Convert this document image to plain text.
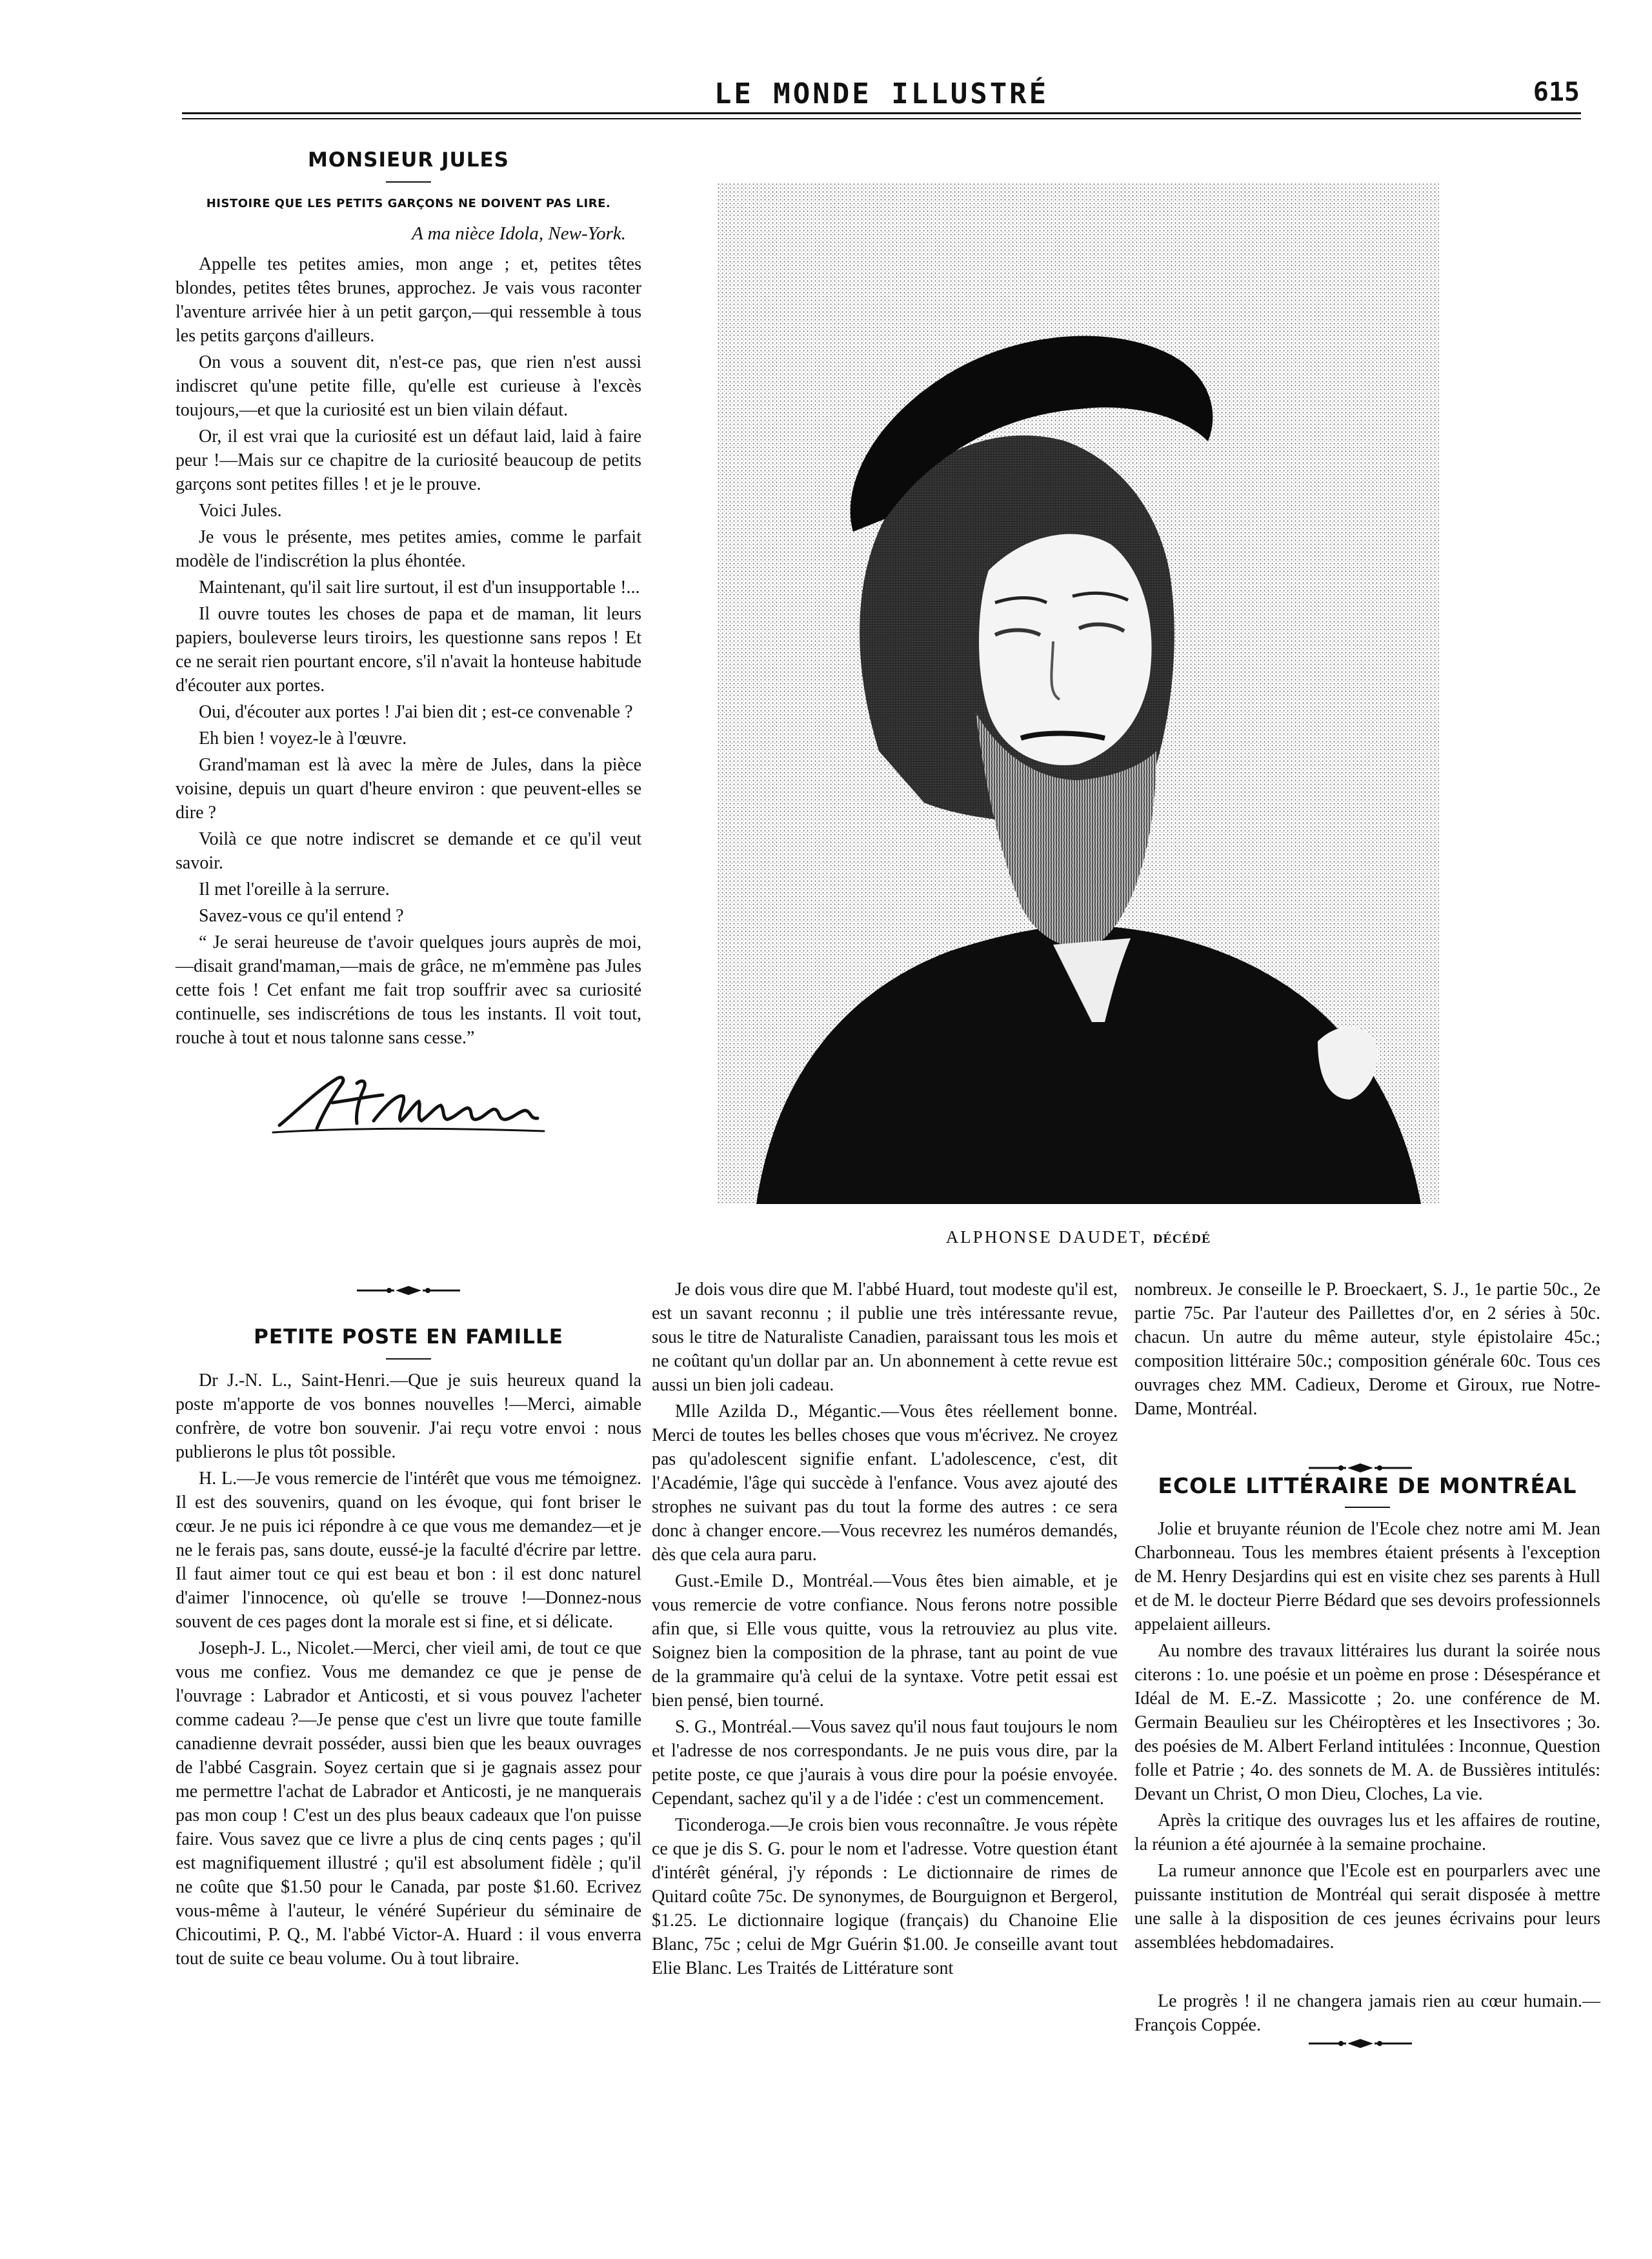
LE MONDE ILLUSTRÉ	615
MONSIEUR JULES
HISTOIRE QUE LES PETITS GARÇONS NE DOIVENT PAS LIRE.
A ma nièce Idola, New-York.

Appelle tes petites amies, mon ange ; et, petites têtes blondes, petites têtes brunes, approchez. Je vais vous raconter l'aventure arrivée hier à un petit garçon,—qui ressemble à tous les petits garçons d'ailleurs.

On vous a souvent dit, n'est-ce pas, que rien n'est aussi indiscret qu'une petite fille, qu'elle est curieuse à l'excès toujours,—et que la curiosité est un bien vilain défaut.

Or, il est vrai que la curiosité est un défaut laid, laid à faire peur !—Mais sur ce chapitre de la curiosité beaucoup de petits garçons sont petites filles ! et je le prouve.

Voici Jules.

Je vous le présente, mes petites amies, comme le parfait modèle de l'indiscrétion la plus éhontée.

Maintenant, qu'il sait lire surtout, il est d'un insupportable !...

Il ouvre toutes les choses de papa et de maman, lit leurs papiers, bouleverse leurs tiroirs, les questionne sans repos ! Et ce ne serait rien pourtant encore, s'il n'avait la honteuse habitude d'écouter aux portes.

Oui, d'écouter aux portes ! J'ai bien dit ; est-ce convenable ?

Eh bien ! voyez-le à l'œuvre.

Grand'maman est là avec la mère de Jules, dans la pièce voisine, depuis un quart d'heure environ : que peuvent-elles se dire ?

Voilà ce que notre indiscret se demande et ce qu'il veut savoir.

Il met l'oreille à la serrure.

Savez-vous ce qu'il entend ?

“ Je serai heureuse de t'avoir quelques jours auprès de moi,—disait grand'maman,—mais de grâce, ne m'emmène pas Jules cette fois ! Cet enfant me fait trop souffrir avec sa curiosité continuelle, ses indiscrétions de tous les instants. Il voit tout, rouche à tout et nous talonne sans cesse.”

PETITE POSTE EN FAMILLE

Dr J.-N. L., Saint-Henri.—Que je suis heureux quand la poste m'apporte de vos bonnes nouvelles !—Merci, aimable confrère, de votre bon souvenir. J'ai reçu votre envoi : nous publierons le plus tôt possible.

H. L.—Je vous remercie de l'intérêt que vous me témoignez. Il est des souvenirs, quand on les évoque, qui font briser le cœur. Je ne puis ici répondre à ce que vous me demandez—et je ne le ferais pas, sans doute, eussé-je la faculté d'écrire par lettre. Il faut aimer tout ce qui est beau et bon : il est donc naturel d'aimer l'innocence, où qu'elle se trouve !—Donnez-nous souvent de ces pages dont la morale est si fine, et si délicate.

Joseph-J. L., Nicolet.—Merci, cher vieil ami, de tout ce que vous me confiez. Vous me demandez ce que je pense de l'ouvrage : Labrador et Anticosti, et si vous pouvez l'acheter comme cadeau ?—Je pense que c'est un livre que toute famille canadienne devrait posséder, aussi bien que les beaux ouvrages de l'abbé Casgrain. Soyez certain que si je gagnais assez pour me permettre l'achat de Labrador et Anticosti, je ne manquerais pas mon coup ! C'est un des plus beaux cadeaux que l'on puisse faire. Vous savez que ce livre a plus de cinq cents pages ; qu'il est magnifiquement illustré ; qu'il est absolument fidèle ; qu'il ne coûte que $1.50 pour le Canada, par poste $1.60. Ecrivez vous-même à l'auteur, le vénéré Supérieur du séminaire de Chicoutimi, P. Q., M. l'abbé Victor-A. Huard : il vous enverra tout de suite ce beau volume. Ou à tout libraire.

ALPHONSE DAUDET, DÉCÉDÉ

Je dois vous dire que M. l'abbé Huard, tout modeste qu'il est, est un savant reconnu ; il publie une très intéressante revue, sous le titre de Naturaliste Canadien, paraissant tous les mois et ne coûtant qu'un dollar par an. Un abonnement à cette revue est aussi un bien joli cadeau.

Mlle Azilda D., Mégantic.—Vous êtes réellement bonne. Merci de toutes les belles choses que vous m'écrivez. Ne croyez pas qu'adolescent signifie enfant. L'adolescence, c'est, dit l'Académie, l'âge qui succède à l'enfance. Vous avez ajouté des strophes ne suivant pas du tout la forme des autres : ce sera donc à changer encore.—Vous recevrez les numéros demandés, dès que cela aura paru.

Gust.-Emile D., Montréal.—Vous êtes bien aimable, et je vous remercie de votre confiance. Nous ferons notre possible afin que, si Elle vous quitte, vous la retrouviez au plus vite. Soignez bien la composition de la phrase, tant au point de vue de la grammaire qu'à celui de la syntaxe. Votre petit essai est bien pensé, bien tourné.

S. G., Montréal.—Vous savez qu'il nous faut toujours le nom et l'adresse de nos correspondants. Je ne puis vous dire, par la petite poste, ce que j'aurais à vous dire pour la poésie envoyée. Cependant, sachez qu'il y a de l'idée : c'est un commencement.

Ticonderoga.—Je crois bien vous reconnaître. Je vous répète ce que je dis S. G. pour le nom et l'adresse. Votre question étant d'intérêt général, j'y réponds : Le dictionnaire de rimes de Quitard coûte 75c. De synonymes, de Bourguignon et Bergerol, $1.25. Le dictionnaire logique (français) du Chanoine Elie Blanc, 75c ; celui de Mgr Guérin $1.00. Je conseille avant tout Elie Blanc. Les Traités de Littérature sont

nombreux. Je conseille le P. Broeckaert, S. J., 1e partie 50c., 2e partie 75c. Par l'auteur des Paillettes d'or, en 2 séries à 50c. chacun. Un autre du même auteur, style épistolaire 45c.; composition littéraire 50c.; composition générale 60c. Tous ces ouvrages chez MM. Cadieux, Derome et Giroux, rue Notre-Dame, Montréal.

ECOLE LITTÉRAIRE DE MONTRÉAL

Jolie et bruyante réunion de l'Ecole chez notre ami M. Jean Charbonneau. Tous les membres étaient présents à l'exception de M. Henry Desjardins qui est en visite chez ses parents à Hull et de M. le docteur Pierre Bédard que ses devoirs professionnels appelaient ailleurs.

Au nombre des travaux littéraires lus durant la soirée nous citerons : 1o. une poésie et un poème en prose : Désespérance et Idéal de M. E.-Z. Massicotte ; 2o. une conférence de M. Germain Beaulieu sur les Chéiroptères et les Insectivores ; 3o. des poésies de M. Albert Ferland intitulées : Inconnue, Question folle et Patrie ; 4o. des sonnets de M. A. de Bussières intitulés: Devant un Christ, O mon Dieu, Cloches, La vie.

Après la critique des ouvrages lus et les affaires de routine, la réunion a été ajournée à la semaine prochaine.

La rumeur annonce que l'Ecole est en pourparlers avec une puissante institution de Montréal qui serait disposée à mettre une salle à la disposition de ces jeunes écrivains pour leurs assemblées hebdomadaires.

Le progrès ! il ne changera jamais rien au cœur humain.—François Coppée.
